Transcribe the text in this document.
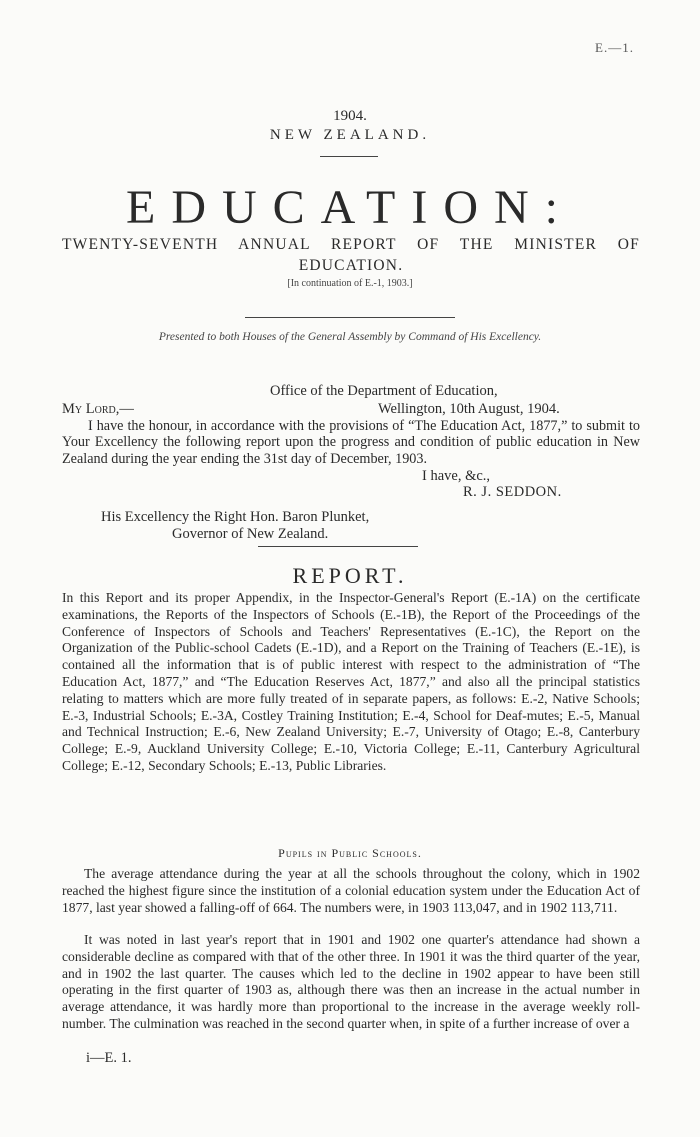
E.—1.
1904.
NEW ZEALAND.
EDUCATION:

TWENTY-SEVENTH ANNUAL REPORT OF THE MINISTER OF EDUCATION.

[In continuation of E.-1, 1903.]
Presented to both Houses of the General Assembly by Command of His Excellency.
Office of the Department of Education,
My Lord,—	Wellington, 10th August, 1904.

I have the honour, in accordance with the provisions of “The Education Act, 1877,” to submit to Your Excellency the following report upon the progress and condition of public education in New Zealand during the year ending the 31st day of December, 1903.

I have, &c.,
R. J. SEDDON.
His Excellency the Right Hon. Baron Plunket,
Governor of New Zealand.
REPORT.

In this Report and its proper Appendix, in the Inspector-General's Report (E.-1A) on the certificate examinations, the Reports of the Inspectors of Schools (E.-1B), the Report of the Proceedings of the Conference of Inspectors of Schools and Teachers' Representatives (E.-1C), the Report on the Organization of the Public-school Cadets (E.-1D), and a Report on the Training of Teachers (E.-1E), is contained all the information that is of public interest with respect to the administration of “The Education Act, 1877,” and “The Education Reserves Act, 1877,” and also all the principal statistics relating to matters which are more fully treated of in separate papers, as follows: E.-2, Native Schools; E.-3, Industrial Schools; E.-3A, Costley Training Institution; E.-4, School for Deaf-mutes; E.-5, Manual and Technical Instruction; E.-6, New Zealand University; E.-7, University of Otago; E.-8, Canterbury College; E.-9, Auckland University College; E.-10, Victoria College; E.-11, Canterbury Agricultural College; E.-12, Secondary Schools; E.-13, Public Libraries.

Pupils in Public Schools.

The average attendance during the year at all the schools throughout the colony, which in 1902 reached the highest figure since the institution of a colonial education system under the Education Act of 1877, last year showed a falling-off of 664. The numbers were, in 1903 113,047, and in 1902 113,711.

It was noted in last year's report that in 1901 and 1902 one quarter's attendance had shown a considerable decline as compared with that of the other three. In 1901 it was the third quarter of the year, and in 1902 the last quarter. The causes which led to the decline in 1902 appear to have been still operating in the first quarter of 1903 as, although there was then an increase in the actual number in average attendance, it was hardly more than proportional to the increase in the average weekly roll-number. The culmination was reached in the second quarter when, in spite of a further increase of over a

i—E. 1.
